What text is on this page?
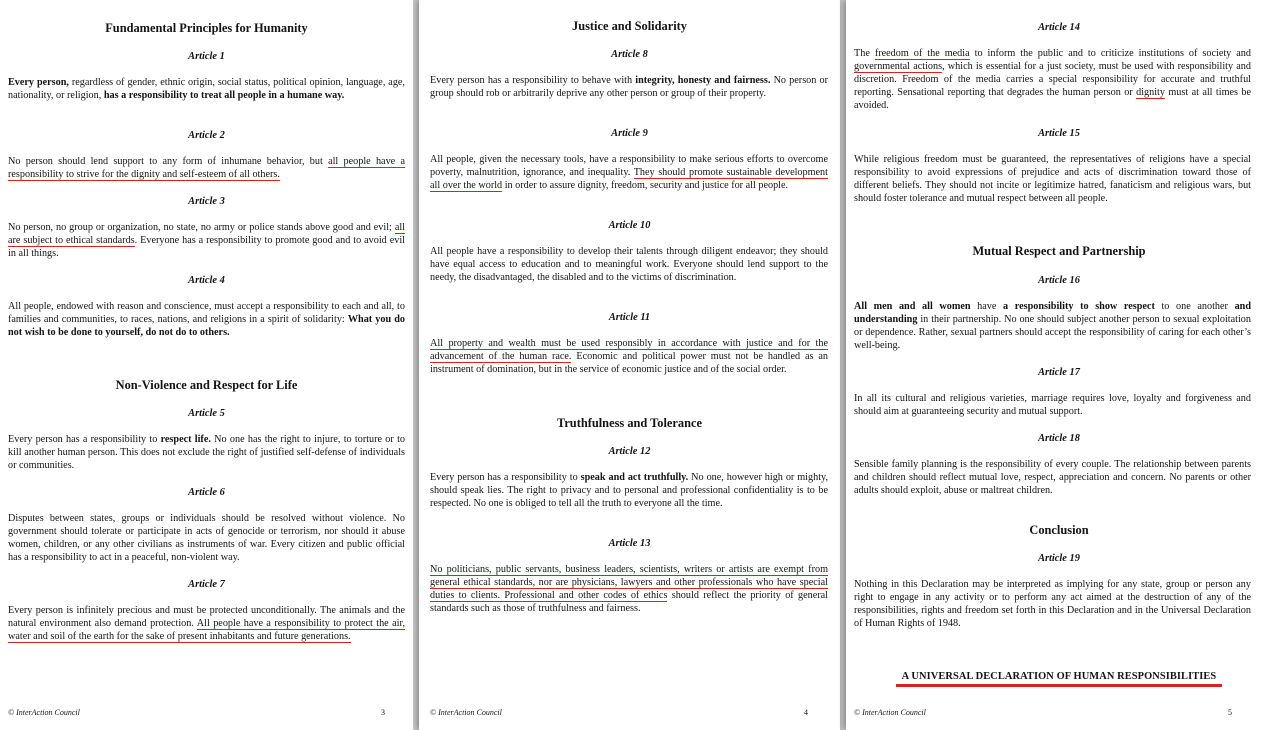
Fundamental Principles for Humanity
Article 1

Every person, regardless of gender, ethnic origin, social status, political opinion, language, age, nationality, or religion, has a responsibility to treat all people in a humane way.

Article 2

No person should lend support to any form of inhumane behavior, but all people have a responsibility to strive for the dignity and self-esteem of all others.

Article 3

No person, no group or organization, no state, no army or police stands above good and evil; all are subject to ethical standards. Everyone has a responsibility to promote good and to avoid evil in all things.

Article 4

All people, endowed with reason and conscience, must accept a responsibility to each and all, to families and communities, to races, nations, and religions in a spirit of solidarity: What you do not wish to be done to yourself, do not do to others.

Non-Violence and Respect for Life
Article 5

Every person has a responsibility to respect life. No one has the right to injure, to torture or to kill another human person. This does not exclude the right of justified self-defense of individuals or communities.

Article 6

Disputes between states, groups or individuals should be resolved without violence. No government should tolerate or participate in acts of genocide or terrorism, nor should it abuse women, children, or any other civilians as instruments of war. Every citizen and public official has a responsibility to act in a peaceful, non-violent way.

Article 7

Every person is infinitely precious and must be protected unconditionally. The animals and the natural environment also demand protection. All people have a responsibility to protect the air, water and soil of the earth for the sake of present inhabitants and future generations.

© InterAction Council	3
Justice and Solidarity
Article 8

Every person has a responsibility to behave with integrity, honesty and fairness. No person or group should rob or arbitrarily deprive any other person or group of their property.

Article 9

All people, given the necessary tools, have a responsibility to make serious efforts to overcome poverty, malnutrition, ignorance, and inequality. They should promote sustainable development all over the world in order to assure dignity, freedom, security and justice for all people.

Article 10

All people have a responsibility to develop their talents through diligent endeavor; they should have equal access to education and to meaningful work. Everyone should lend support to the needy, the disadvantaged, the disabled and to the victims of discrimination.

Article 11

All property and wealth must be used responsibly in accordance with justice and for the advancement of the human race. Economic and political power must not be handled as an instrument of domination, but in the service of economic justice and of the social order.

Truthfulness and Tolerance
Article 12

Every person has a responsibility to speak and act truthfully. No one, however high or mighty, should speak lies. The right to privacy and to personal and professional confidentiality is to be respected. No one is obliged to tell all the truth to everyone all the time.

Article 13

No politicians, public servants, business leaders, scientists, writers or artists are exempt from general ethical standards, nor are physicians, lawyers and other professionals who have special duties to clients. Professional and other codes of ethics should reflect the priority of general standards such as those of truthfulness and fairness.

© InterAction Council	4
Article 14

The freedom of the media to inform the public and to criticize institutions of society and governmental actions, which is essential for a just society, must be used with responsibility and discretion. Freedom of the media carries a special responsibility for accurate and truthful reporting. Sensational reporting that degrades the human person or dignity must at all times be avoided.

Article 15

While religious freedom must be guaranteed, the representatives of religions have a special responsibility to avoid expressions of prejudice and acts of discrimination toward those of different beliefs. They should not incite or legitimize hatred, fanaticism and religious wars, but should foster tolerance and mutual respect between all people.

Mutual Respect and Partnership
Article 16

All men and all women have a responsibility to show respect to one another and understanding in their partnership. No one should subject another person to sexual exploitation or dependence. Rather, sexual partners should accept the responsibility of caring for each other’s well-being.

Article 17

In all its cultural and religious varieties, marriage requires love, loyalty and forgiveness and should aim at guaranteeing security and mutual support.

Article 18

Sensible family planning is the responsibility of every couple. The relationship between parents and children should reflect mutual love, respect, appreciation and concern. No parents or other adults should exploit, abuse or maltreat children.

Conclusion
Article 19

Nothing in this Declaration may be interpreted as implying for any state, group or person any right to engage in any activity or to perform any act aimed at the destruction of any of the responsibilities, rights and freedom set forth in this Declaration and in the Universal Declaration of Human Rights of 1948.

A UNIVERSAL DECLARATION OF HUMAN RESPONSIBILITIES
© InterAction Council	5
